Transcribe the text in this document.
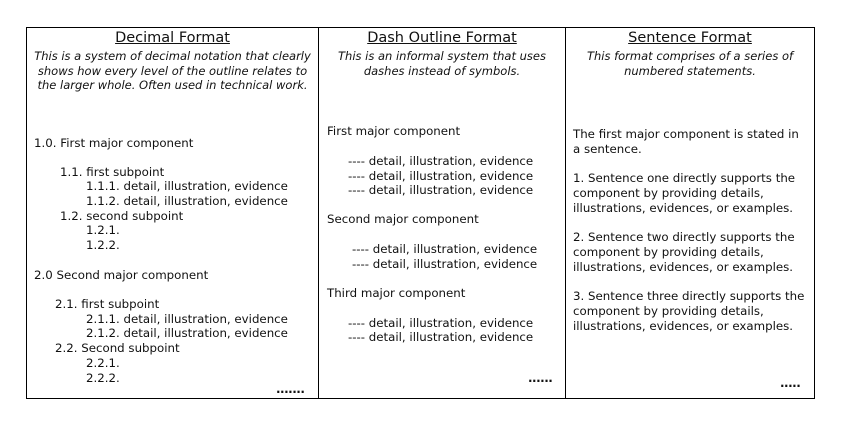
Decimal Format
This is a system of decimal notation that clearly shows how every level of the outline relates to the larger whole. Often used in technical work.
1.0. First major component
1.1. first subpoint
1.1.1. detail, illustration, evidence
1.1.2. detail, illustration, evidence
1.2. second subpoint
1.2.1.
1.2.2.
2.0 Second major component
2.1. first subpoint
2.1.1. detail, illustration, evidence
2.1.2. detail, illustration, evidence
2.2. Second subpoint
2.2.1.
2.2.2.
.......
Dash Outline Format
This is an informal system that uses dashes instead of symbols.
First major component
---- detail, illustration, evidence
---- detail, illustration, evidence
---- detail, illustration, evidence
Second major component
---- detail, illustration, evidence
---- detail, illustration, evidence
Third major component
---- detail, illustration, evidence
---- detail, illustration, evidence
......
Sentence Format
This format comprises of a series of numbered statements.
The first major component is stated in a sentence.
1. Sentence one directly supports the component by providing details, illustrations, evidences, or examples.
2. Sentence two directly supports the component by providing details, illustrations, evidences, or examples.
3. Sentence three directly supports the component by providing details, illustrations, evidences, or examples.
.....
